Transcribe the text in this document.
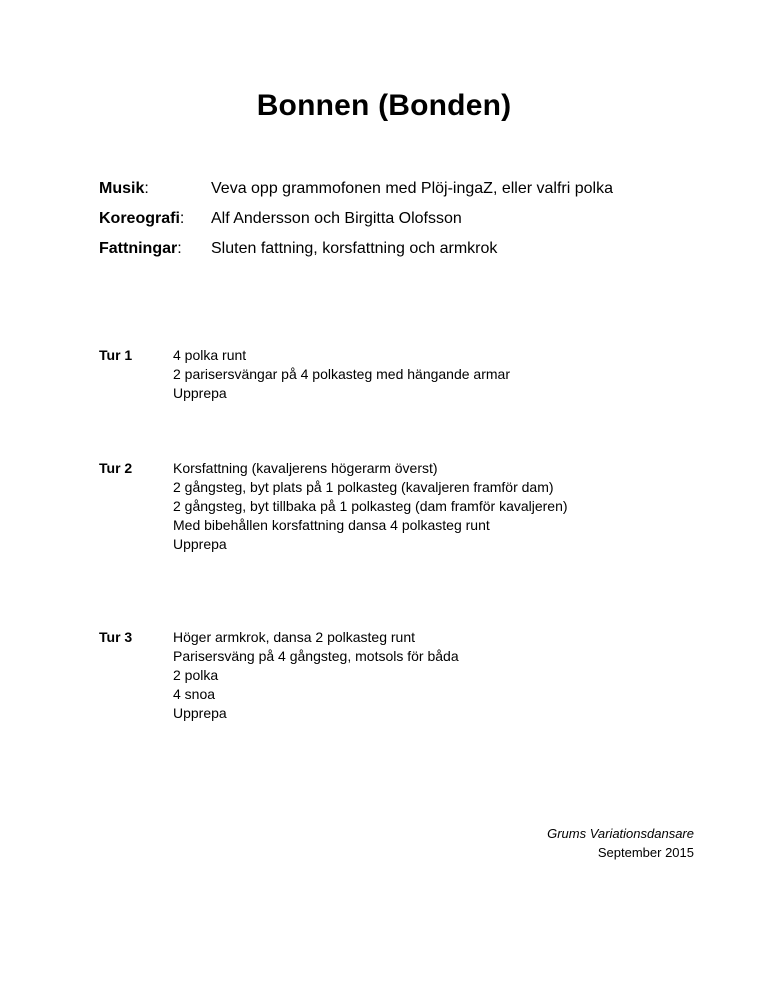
Bonnen (Bonden)
Musik:	Veva opp grammofonen med Plöj-ingaZ, eller valfri polka
Koreografi: Alf Andersson och Birgitta Olofsson
Fattningar: Sluten fattning, korsfattning och armkrok
Tur 1	4 polka runt
2 parisersvängar på 4 polkasteg med hängande armar
Upprepa
Tur 2	Korsfattning (kavaljerens högerarm överst)
2 gångsteg, byt plats på 1 polkasteg (kavaljeren framför dam)
2 gångsteg, byt tillbaka på 1 polkasteg (dam framför kavaljeren)
Med bibehållen korsfattning dansa 4 polkasteg runt
Upprepa
Tur 3	Höger armkrok, dansa 2 polkasteg runt
Parisersväng på 4 gångsteg, motsols för båda
2 polka
4 snoa
Upprepa
Grums Variationsdansare
September 2015
